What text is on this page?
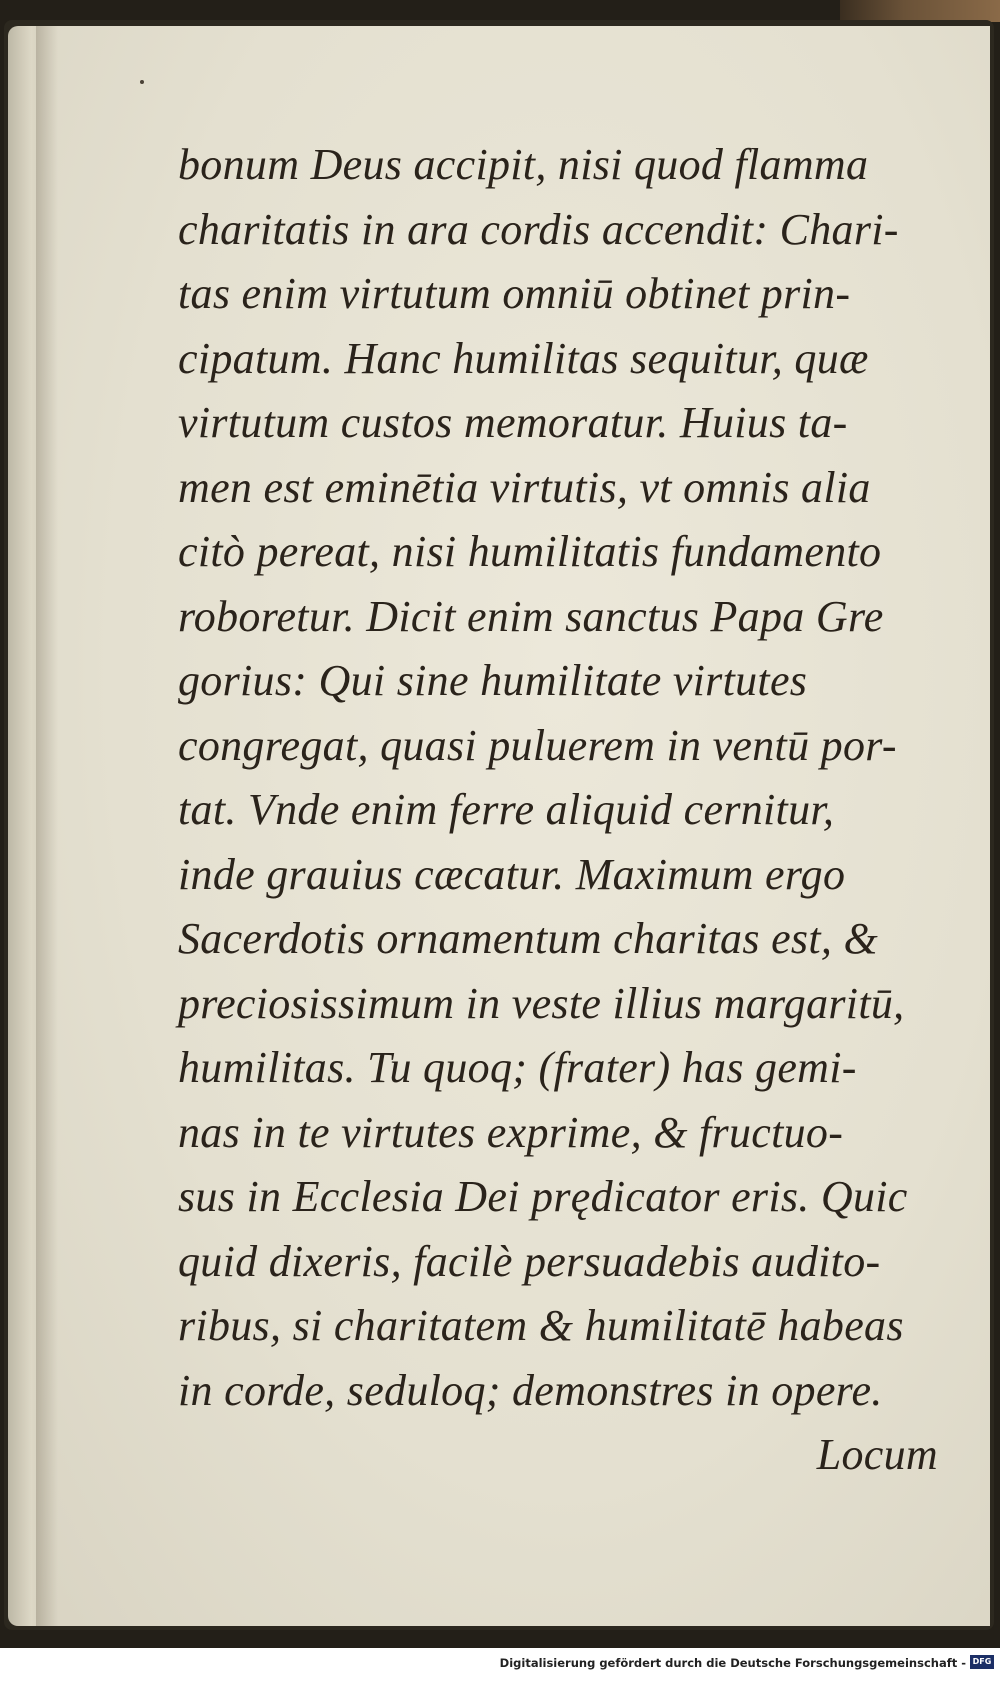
bonum Deus accipit, nisi quod flamma
charitatis in ara cordis accendit: Chari-
tas enim virtutum omniū obtinet prin-
cipatum. Hanc humilitas sequitur, quæ
virtutum custos memoratur. Huius ta-
men est eminētia virtutis, vt omnis alia
citò pereat, nisi humilitatis fundamento
roboretur. Dicit enim sanctus Papa Gre
gorius: Qui sine humilitate virtutes
congregat, quasi puluerem in ventū por-
tat. Vnde enim ferre aliquid cernitur,
inde grauius cæcatur. Maximum ergo
Sacerdotis ornamentum charitas est, &
preciosissimum in veste illius margaritū,
humilitas. Tu quoq; (frater) has gemi-
nas in te virtutes exprime, & fructuo-
sus in Ecclesia Dei prędicator eris. Quic
quid dixeris, facilè persuadebis audito-
ribus, si charitatem & humilitatē habeas
in corde, seduloq; demonstres in opere.
Locum
Digitalisierung gefördert durch die Deutsche Forschungsgemeinschaft - DFG
